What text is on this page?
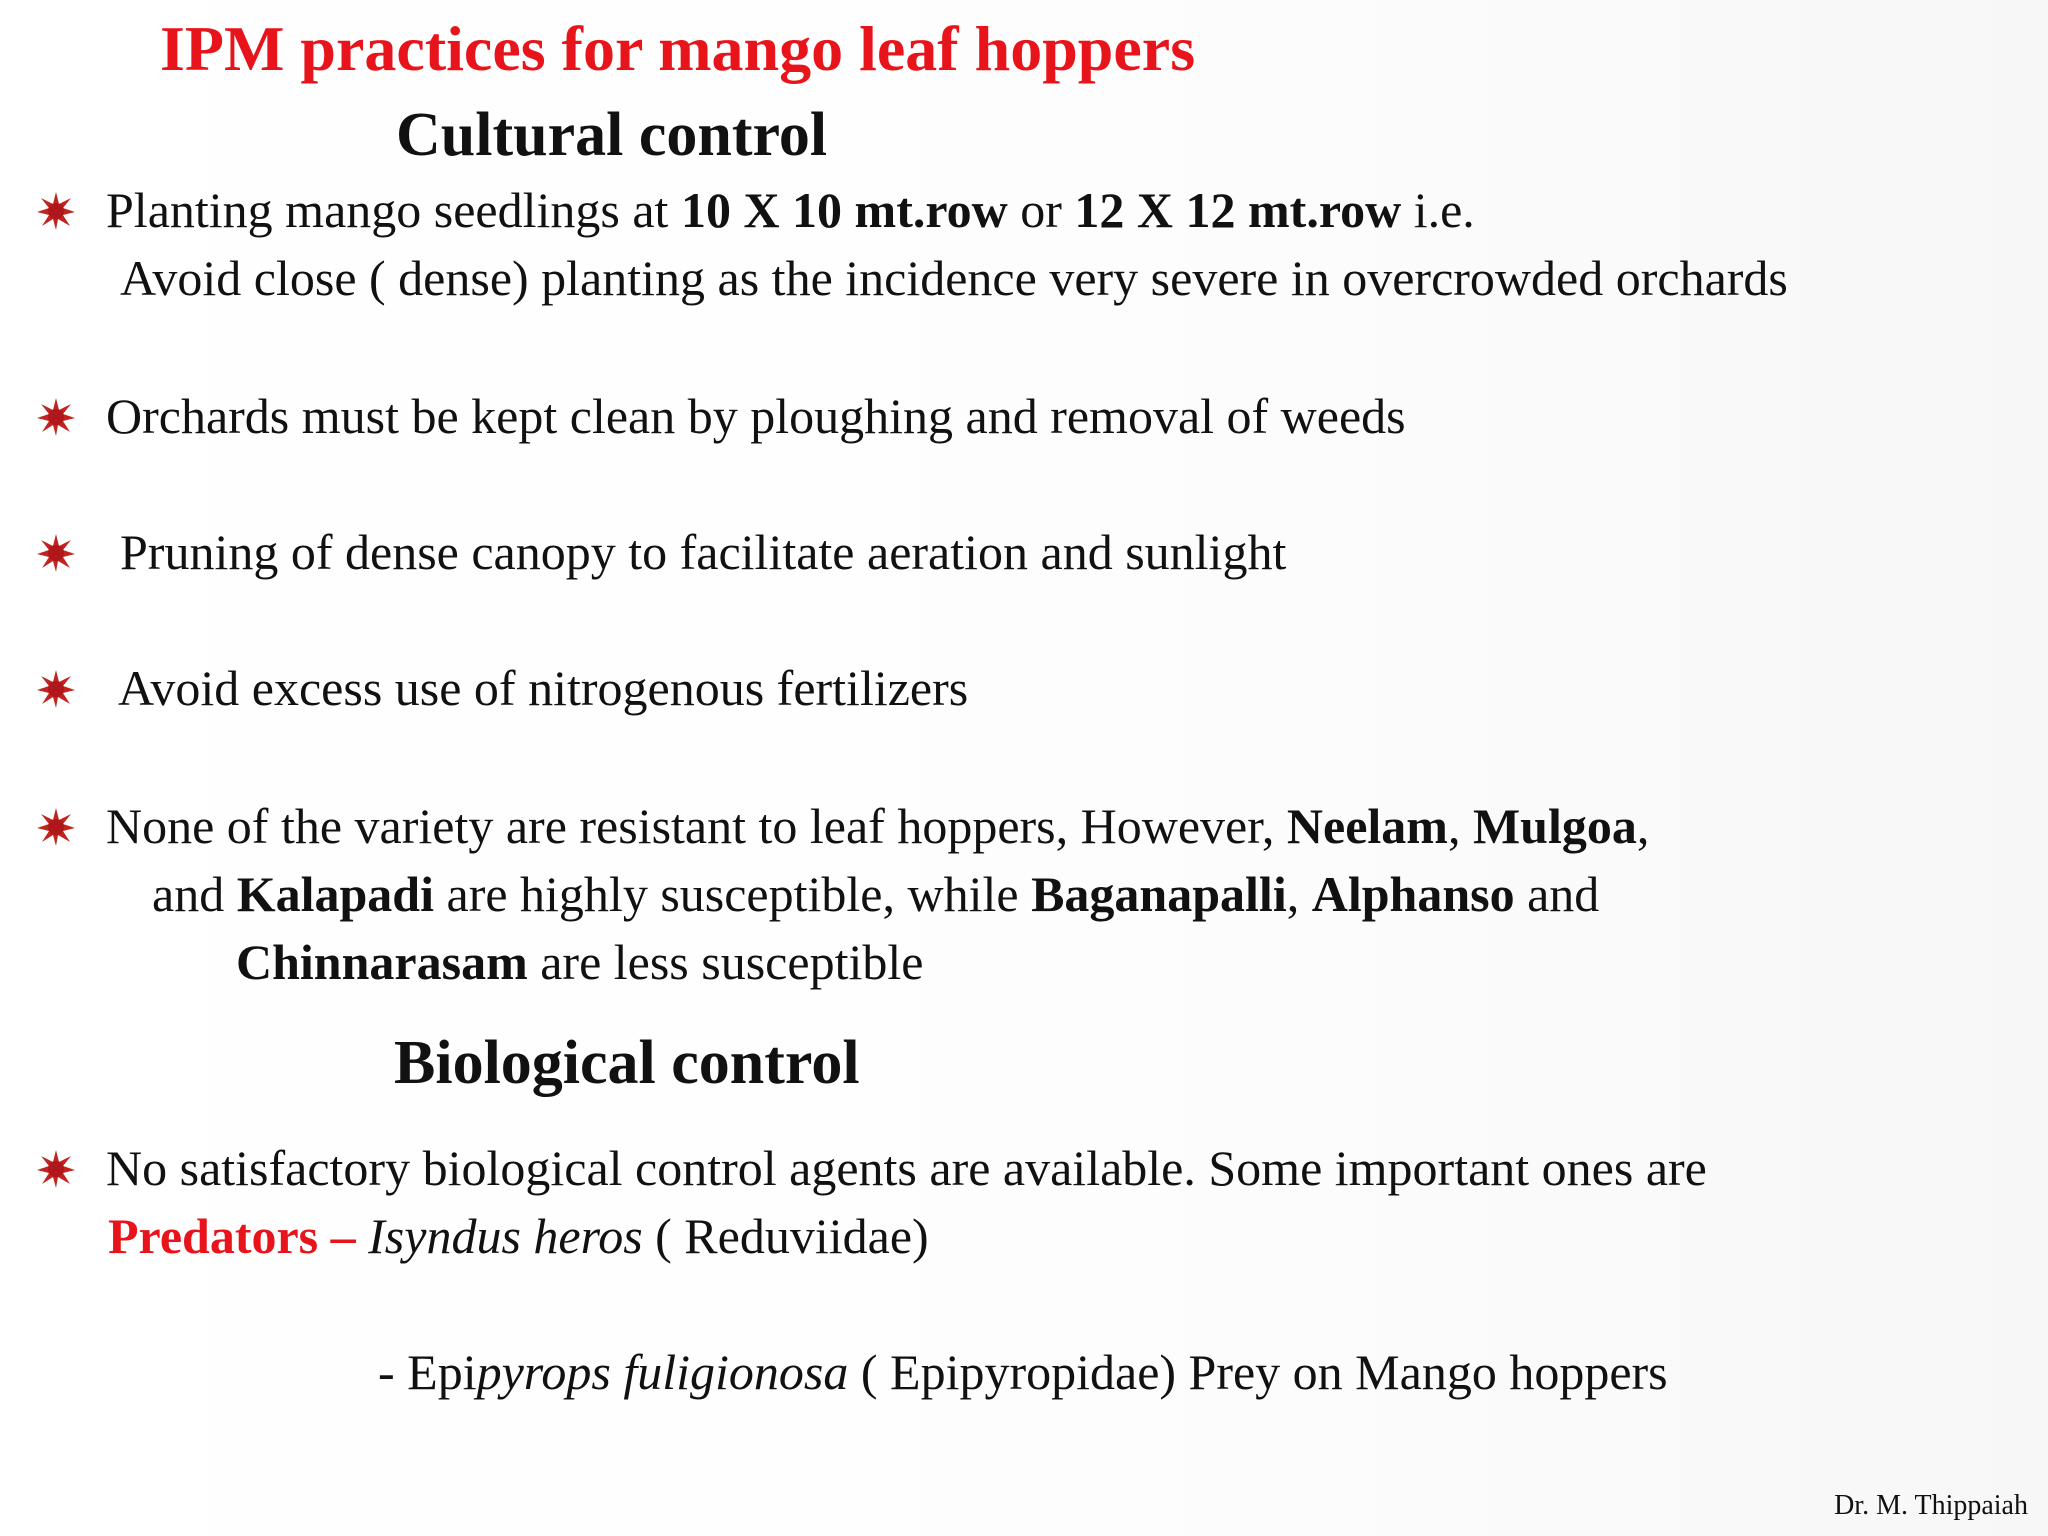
IPM practices for mango leaf hoppers
Cultural control
Planting mango seedlings at 10 X 10 mt.row or 12 X 12 mt.row i.e.
Avoid close ( dense) planting as the incidence very severe in overcrowded orchards
Orchards must be kept clean by ploughing and removal of weeds
Pruning of dense canopy to facilitate aeration and sunlight
Avoid excess use of nitrogenous fertilizers
None of the variety are resistant to leaf hoppers, However, Neelam, Mulgoa,
and Kalapadi are highly susceptible, while Baganapalli, Alphanso and
Chinnarasam are less susceptible
Biological control
No satisfactory biological control agents are available. Some important ones are
Predators – Isyndus heros ( Reduviidae)
- Epipyrops fuligionosa ( Epipyropidae) Prey on Mango hoppers
Dr. M. Thippaiah
